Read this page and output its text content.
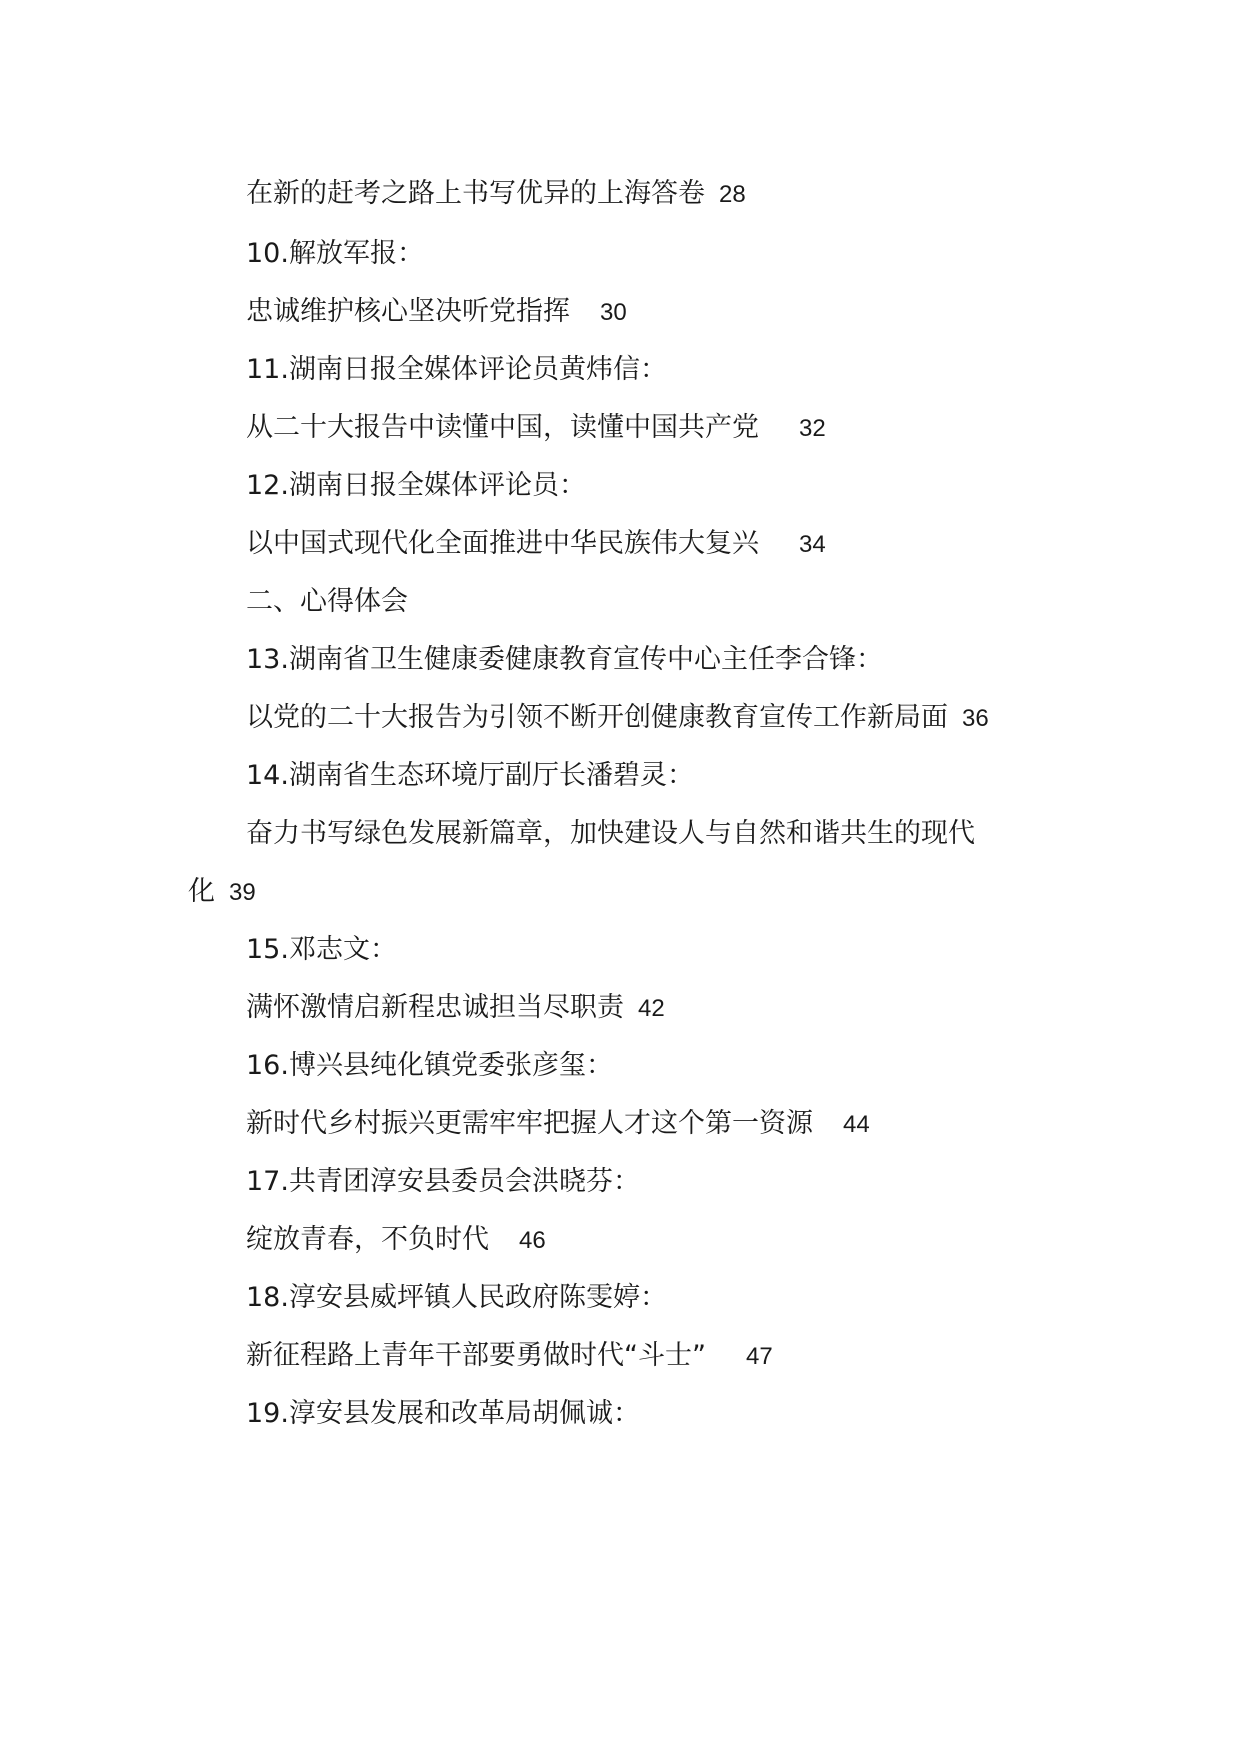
在新的赶考之路上书写优异的上海答卷 28
10.解放军报：
忠诚维护核心坚决听党指挥 30
11.湖南日报全媒体评论员黄炜信：
从二十大报告中读懂中国，读懂中国共产党 32
12.湖南日报全媒体评论员：
以中国式现代化全面推进中华民族伟大复兴 34
二、心得体会
13.湖南省卫生健康委健康教育宣传中心主任李合锋：
以党的二十大报告为引领不断开创健康教育宣传工作新局面 36
14.湖南省生态环境厅副厅长潘碧灵：
奋力书写绿色发展新篇章，加快建设人与自然和谐共生的现代
化 39
15.邓志文：
满怀激情启新程忠诚担当尽职责 42
16.博兴县纯化镇党委张彦玺：
新时代乡村振兴更需牢牢把握人才这个第一资源 44
17.共青团淳安县委员会洪晓芬：
绽放青春，不负时代 46
18.淳安县威坪镇人民政府陈雯婷：
新征程路上青年干部要勇做时代“斗士” 47
19.淳安县发展和改革局胡佩诚：
